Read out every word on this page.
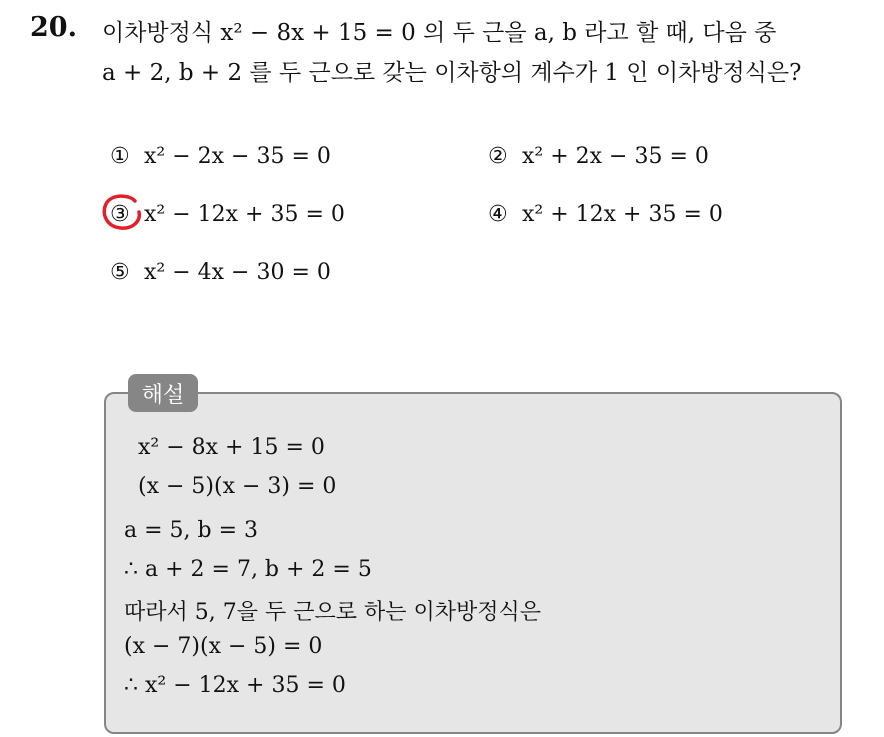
20. 이차방정식 x² − 8x + 15 = 0 의 두 근을 a, b 라고 할 때, 다음 중
a + 2, b + 2 를 두 근으로 갖는 이차항의 계수가 1 인 이차방정식은?
① x² − 2x − 35 = 0	② x² + 2x − 35 = 0
③ x² − 12x + 35 = 0	④ x² + 12x + 35 = 0
⑤ x² − 4x − 30 = 0
해설
x² − 8x + 15 = 0
(x − 5)(x − 3) = 0
a = 5, b = 3
∴ a + 2 = 7, b + 2 = 5
따라서 5, 7을 두 근으로 하는 이차방정식은
(x − 7)(x − 5) = 0
∴ x² − 12x + 35 = 0
